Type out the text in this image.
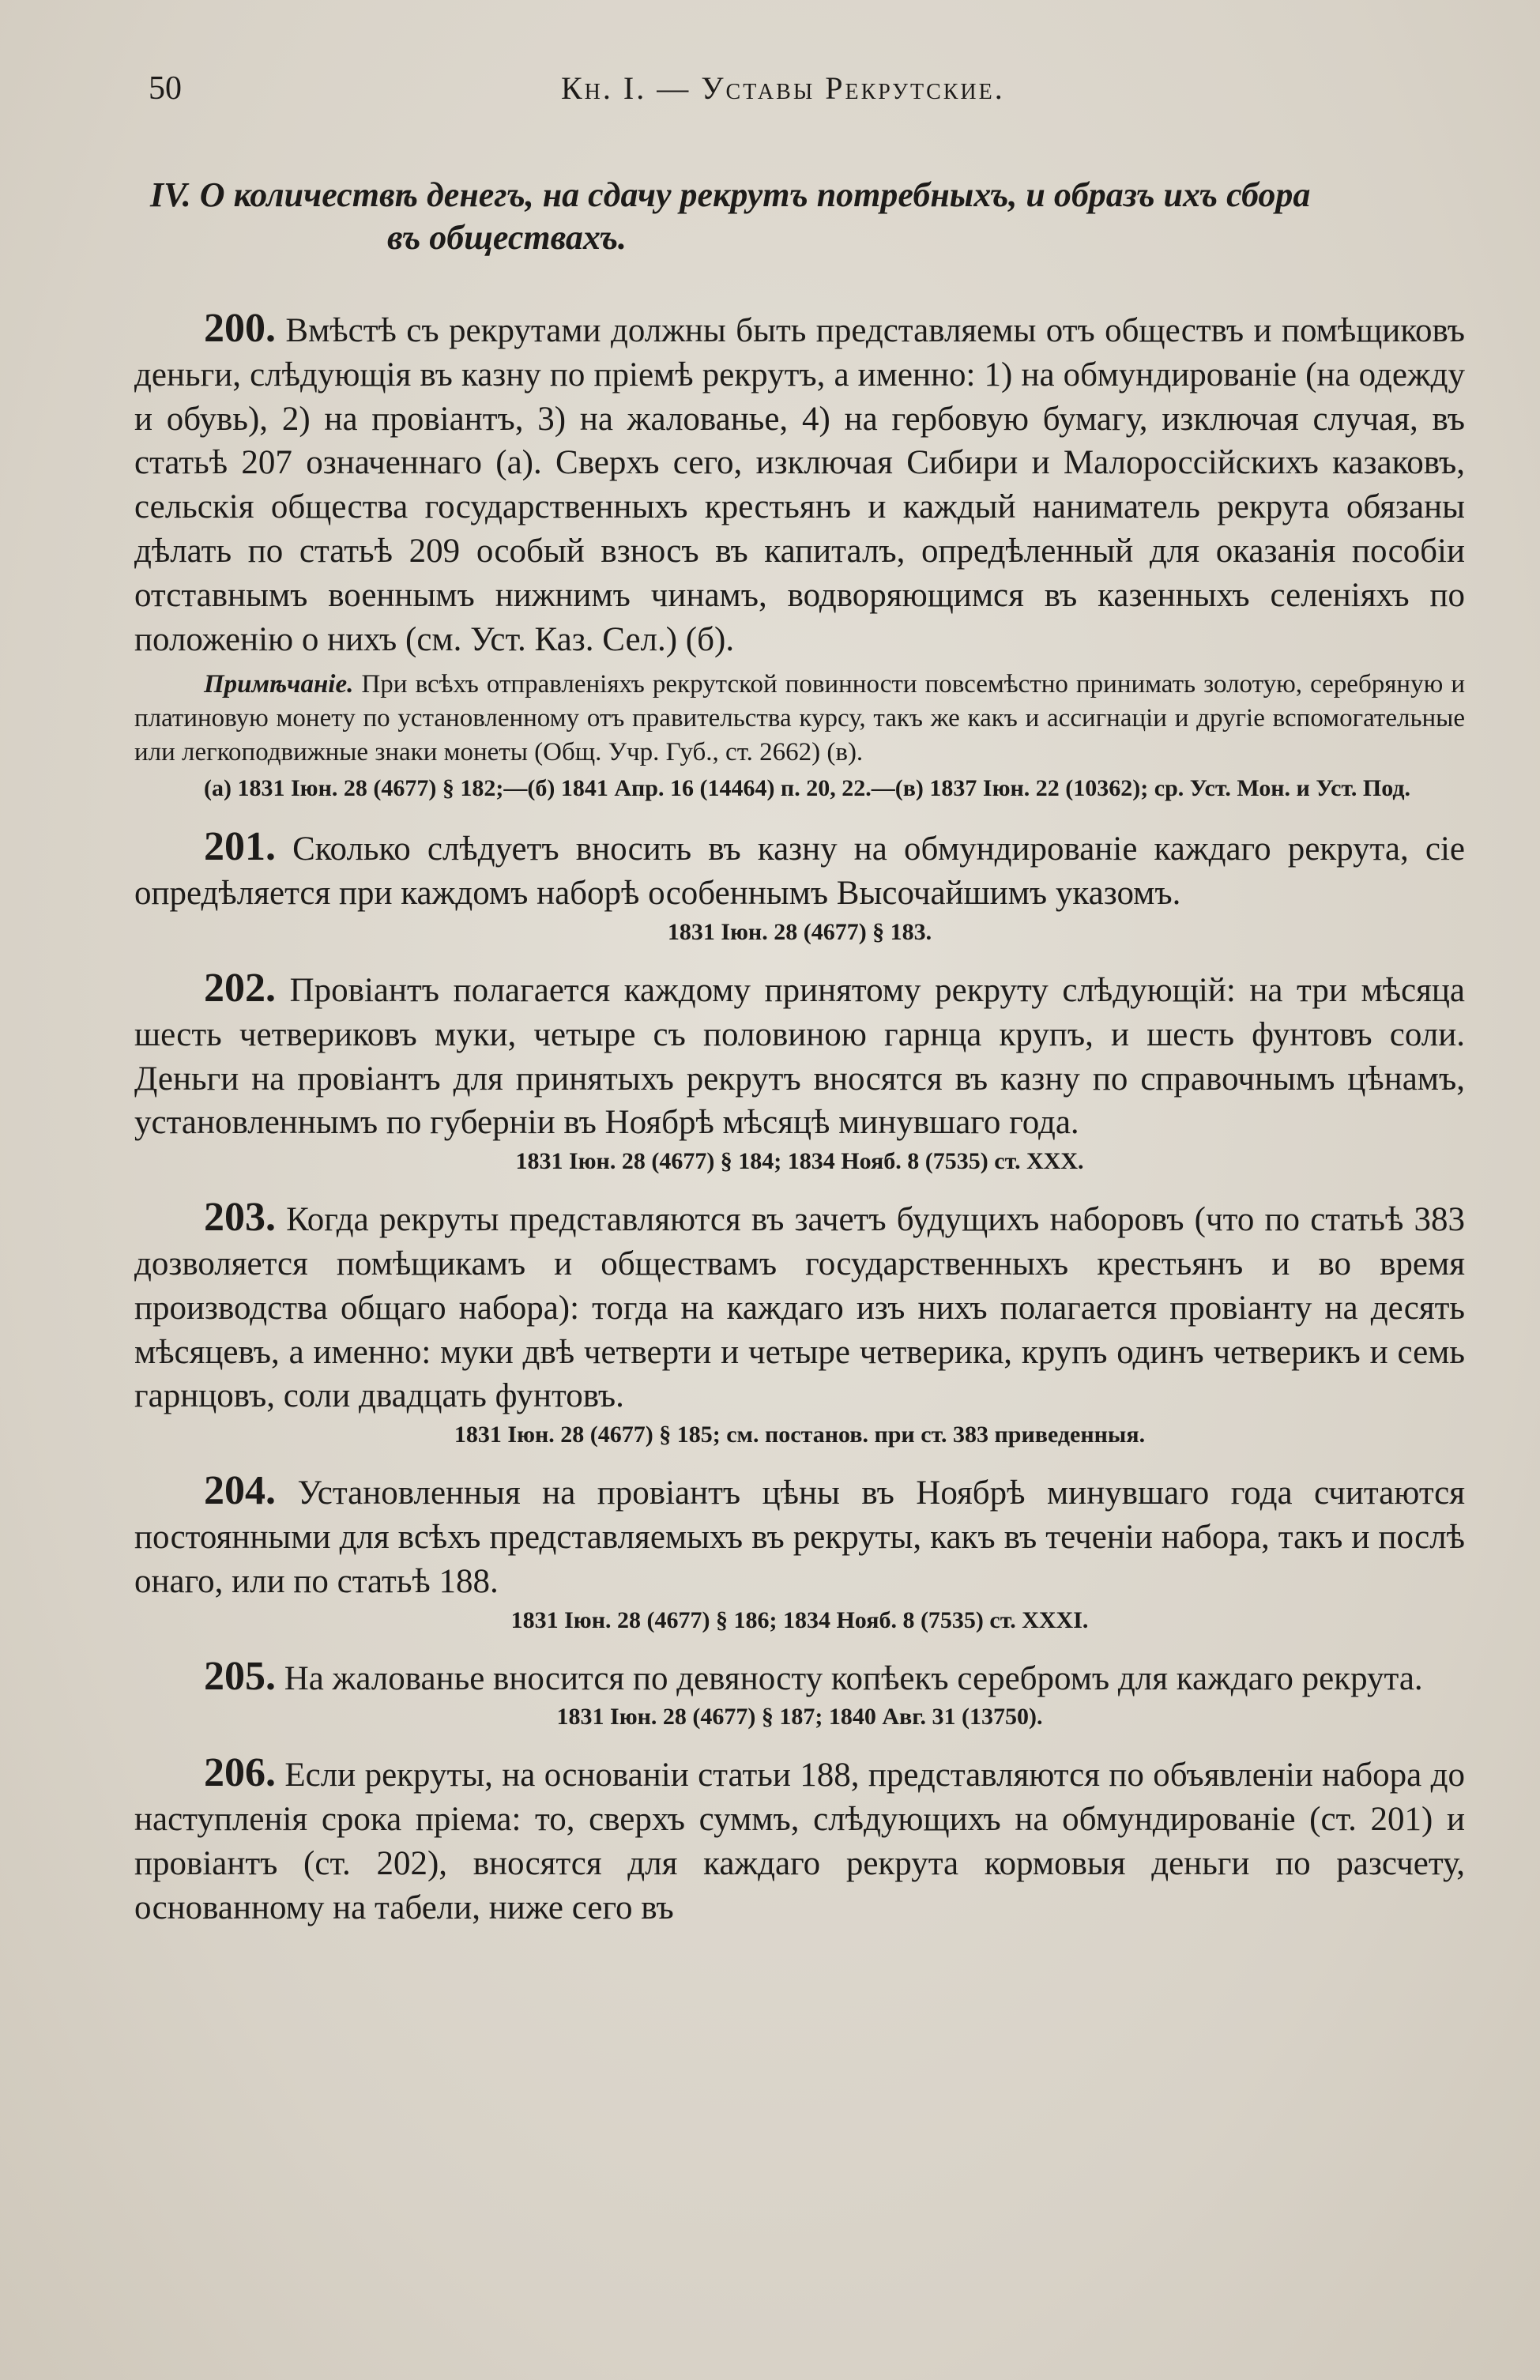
50	Кн. I. — Уставы Рекрутские.
IV. О количествѣ денегъ, на сдачу рекрутъ потребныхъ, и образъ ихъ сбора
въ обществахъ.

200. Вмѣстѣ съ рекрутами должны быть представляемы отъ обществъ и помѣщиковъ деньги, слѣдующія въ казну по пріемѣ рекрутъ, а именно: 1) на обмундированіе (на одежду и обувь), 2) на провіантъ, 3) на жалованье, 4) на гербовую бумагу, изключая случая, въ статьѣ 207 означеннаго (а). Сверхъ сего, изключая Сибири и Малороссійскихъ казаковъ, сельскія общества государственныхъ крестьянъ и каждый наниматель рекрута обязаны дѣлать по статьѣ 209 особый взносъ въ капиталъ, опредѣленный для оказанія пособіи отставнымъ военнымъ нижнимъ чинамъ, водворяющимся въ казенныхъ селеніяхъ по положенію о нихъ (см. Уст. Каз. Сел.) (б).

Примѣчаніе. При всѣхъ отправленіяхъ рекрутской повинности повсемѣстно принимать золотую, серебряную и платиновую монету по установленному отъ правительства курсу, такъ же какъ и ассигнаціи и другіе вспомогательные или легкоподвижные знаки монеты (Общ. Учр. Губ., ст. 2662) (в).

(а) 1831 Іюн. 28 (4677) § 182;—(б) 1841 Апр. 16 (14464) п. 20, 22.—(в) 1837 Іюн. 22 (10362); ср. Уст. Мон. и Уст. Под.

201. Сколько слѣдуетъ вносить въ казну на обмундированіе каждаго рекрута, сіе опредѣляется при каждомъ наборѣ особеннымъ Высочайшимъ указомъ.

1831 Іюн. 28 (4677) § 183.

202. Провіантъ полагается каждому принятому рекруту слѣдующій: на три мѣсяца шесть четвериковъ муки, четыре съ половиною гарнца крупъ, и шесть фунтовъ соли. Деньги на провіантъ для принятыхъ рекрутъ вносятся въ казну по справочнымъ цѣнамъ, установленнымъ по губерніи въ Ноябрѣ мѣсяцѣ минувшаго года.

1831 Іюн. 28 (4677) § 184; 1834 Нояб. 8 (7535) ст. XXX.

203. Когда рекруты представляются въ зачетъ будущихъ наборовъ (что по статьѣ 383 дозволяется помѣщикамъ и обществамъ государственныхъ крестьянъ и во время производства общаго набора): тогда на каждаго изъ нихъ полагается провіанту на десять мѣсяцевъ, а именно: муки двѣ четверти и четыре четверика, крупъ одинъ четверикъ и семь гарнцовъ, соли двадцать фунтовъ.

1831 Іюн. 28 (4677) § 185; см. постанов. при ст. 383 приведенныя.

204. Установленныя на провіантъ цѣны въ Ноябрѣ минувшаго года считаются постоянными для всѣхъ представляемыхъ въ рекруты, какъ въ теченіи набора, такъ и послѣ онаго, или по статьѣ 188.

1831 Іюн. 28 (4677) § 186; 1834 Нояб. 8 (7535) ст. XXXI.

205. На жалованье вносится по девяносту копѣекъ серебромъ для каждаго рекрута.

1831 Іюн. 28 (4677) § 187; 1840 Авг. 31 (13750).

206. Если рекруты, на основаніи статьи 188, представляются по объявленіи набора до наступленія срока пріема: то, сверхъ суммъ, слѣдующихъ на обмундированіе (ст. 201) и провіантъ (ст. 202), вносятся для каждаго рекрута кормовыя деньги по разсчету, основанному на табели, ниже сего въ
